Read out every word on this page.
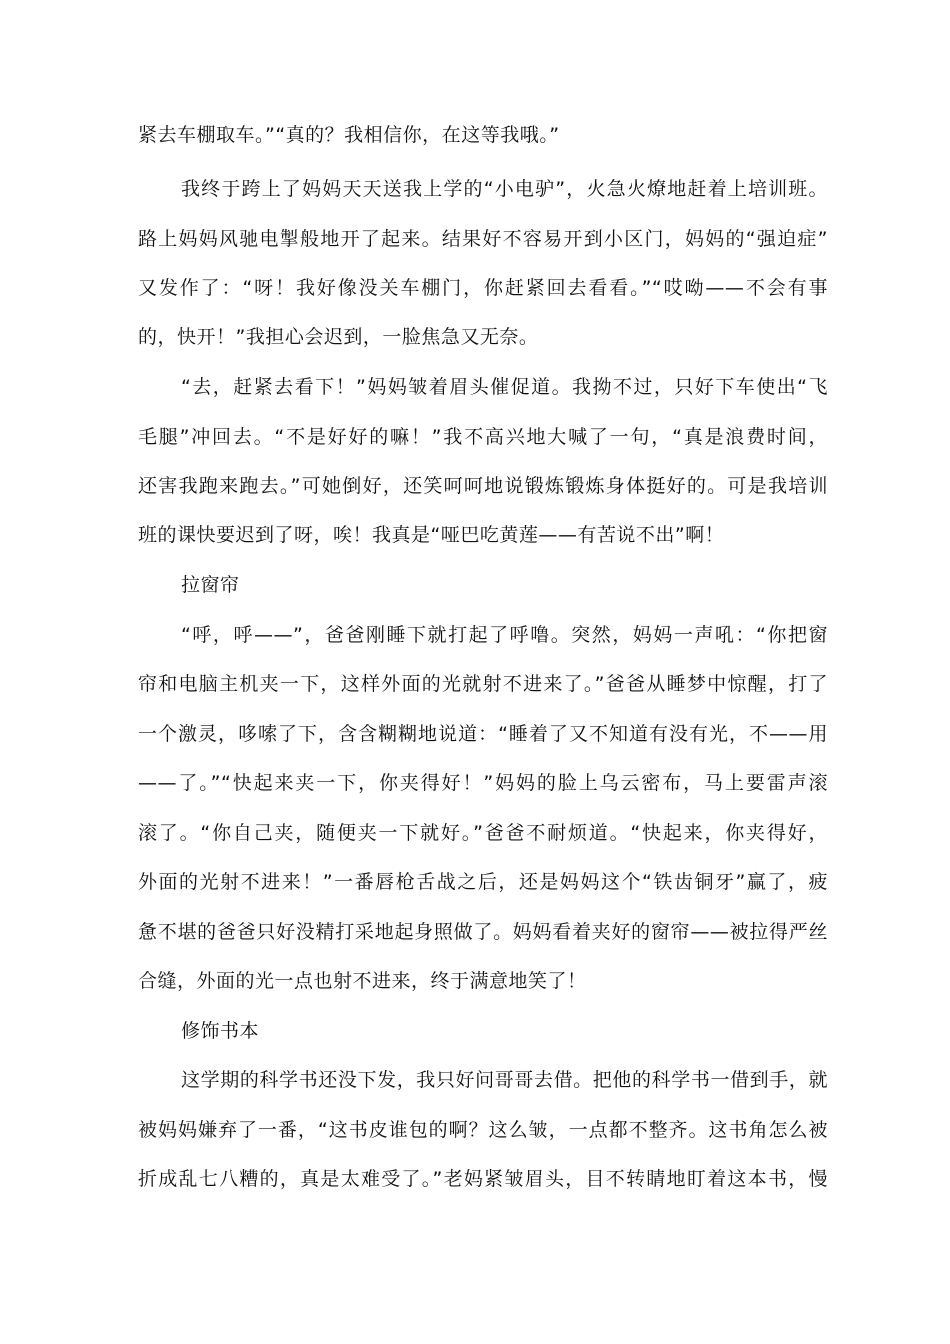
紧去车棚取车。”“真的？我相信你，在这等我哦。”
我终于跨上了妈妈天天送我上学的“小电驴”，火急火燎地赶着上培训班。
路上妈妈风驰电掣般地开了起来。结果好不容易开到小区门，妈妈的“强迫症”
又发作了：“呀！我好像没关车棚门，你赶紧回去看看。”“哎呦——不会有事
的，快开！”我担心会迟到，一脸焦急又无奈。
“去，赶紧去看下！”妈妈皱着眉头催促道。我拗不过，只好下车使出“飞
毛腿”冲回去。“不是好好的嘛！”我不高兴地大喊了一句，“真是浪费时间，
还害我跑来跑去。”可她倒好，还笑呵呵地说锻炼锻炼身体挺好的。可是我培训
班的课快要迟到了呀，唉！我真是“哑巴吃黄莲——有苦说不出”啊！
拉窗帘
“呼，呼——”，爸爸刚睡下就打起了呼噜。突然，妈妈一声吼：“你把窗
帘和电脑主机夹一下，这样外面的光就射不进来了。”爸爸从睡梦中惊醒，打了
一个激灵，哆嗦了下，含含糊糊地说道：“睡着了又不知道有没有光，不——用
——了。”“快起来夹一下，你夹得好！”妈妈的脸上乌云密布，马上要雷声滚
滚了。“你自己夹，随便夹一下就好。”爸爸不耐烦道。“快起来，你夹得好，
外面的光射不进来！”一番唇枪舌战之后，还是妈妈这个“铁齿铜牙”赢了，疲
惫不堪的爸爸只好没精打采地起身照做了。妈妈看着夹好的窗帘——被拉得严丝
合缝，外面的光一点也射不进来，终于满意地笑了！
修饰书本
这学期的科学书还没下发，我只好问哥哥去借。把他的科学书一借到手，就
被妈妈嫌弃了一番，“这书皮谁包的啊？这么皱，一点都不整齐。这书角怎么被
折成乱七八糟的，真是太难受了。”老妈紧皱眉头，目不转睛地盯着这本书，慢
